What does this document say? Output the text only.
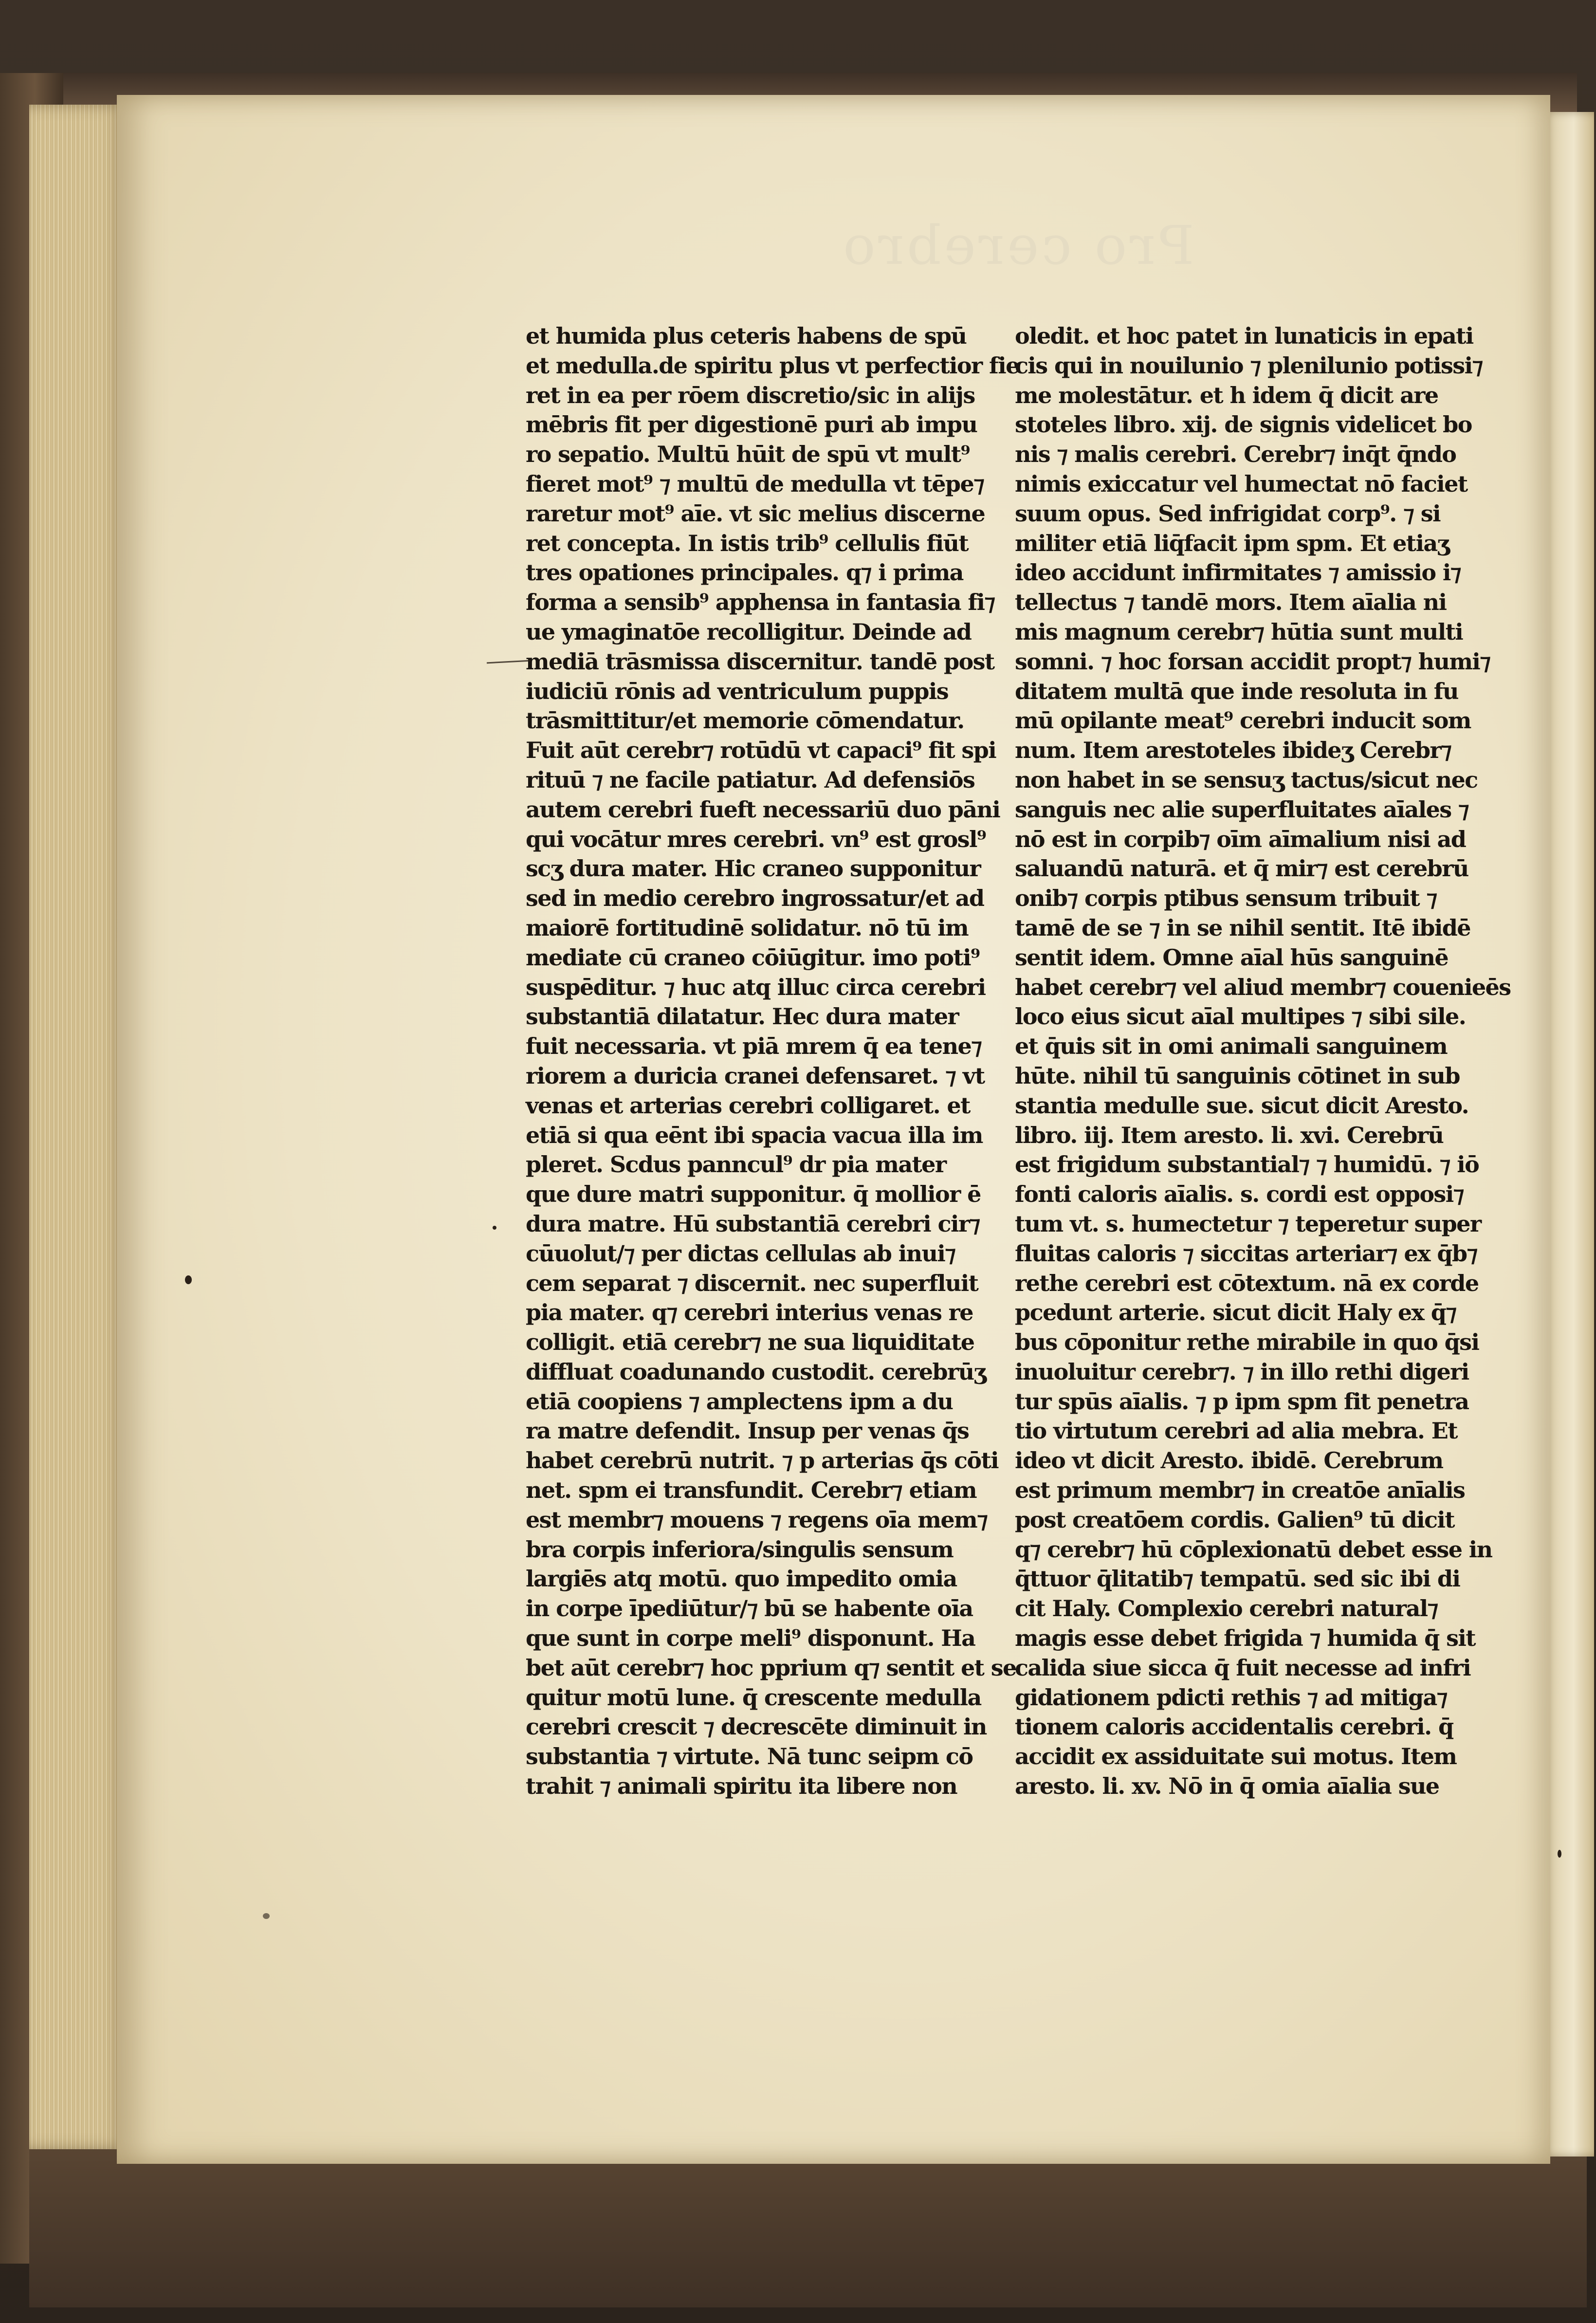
Pro cerebro
et humida plus ceteris habens de spū
et medulla.de spiritu plus vt perfectior fie
ret in ea per rōem discretio/sic in alijs
mēbris fit per digestionē puri ab impu
ro sepatio. Multū hūit de spū vt mult⁹
fieret mot⁹ ⁊ multū de medulla vt tēpe⁊
raretur mot⁹ aīe. vt sic melius discerne
ret concepta. In istis trib⁹ cellulis fiūt
tres opationes principales. q⁊ i prima
forma a sensib⁹ apphensa in fantasia fi⁊
ue ymaginatōe recolligitur. Deinde ad
mediā trāsmissa discernitur. tandē post
iudiciū rōnis ad ventriculum puppis
trāsmittitur/et memorie cōmendatur.
Fuit aūt cerebr⁊ rotūdū vt capaci⁹ fit spi
rituū ⁊ ne facile patiatur. Ad defensiōs
autem cerebri fueft necessariū duo pāni
qui vocātur mres cerebri. vn⁹ est grosl⁹
scʒ dura mater. Hic craneo supponitur
sed in medio cerebro ingrossatur/et ad
maiorē fortitudinē solidatur. nō tū im
mediate cū craneo cōiūgitur. imo poti⁹
suspēditur. ⁊ huc atq illuc circa cerebri
substantiā dilatatur. Hec dura mater
fuit necessaria. vt piā mrem q̄ ea tene⁊
riorem a duricia cranei defensaret. ⁊ vt
venas et arterias cerebri colligaret. et
etiā si qua eēnt ibi spacia vacua illa im
pleret. Scdus panncul⁹ dr pia mater
que dure matri supponitur. q̄ mollior ē
dura matre. Hū substantiā cerebri cir⁊
cūuolut/⁊ per dictas cellulas ab inui⁊
cem separat ⁊ discernit. nec superfluit
pia mater. q⁊ cerebri interius venas re
colligit. etiā cerebr⁊ ne sua liquiditate
diffluat coadunando custodit. cerebrūʒ
etiā coopiens ⁊ amplectens ipm a du
ra matre defendit. Insup per venas q̄s
habet cerebrū nutrit. ⁊ p arterias q̄s cōti
net. spm ei transfundit. Cerebr⁊ etiam
est membr⁊ mouens ⁊ regens oīa mem⁊
bra corpis inferiora/singulis sensum
largiēs atq motū. quo impedito omia
in corpe īpediūtur/⁊ bū se habente oīa
que sunt in corpe meli⁹ disponunt. Ha
bet aūt cerebr⁊ hoc pprium q⁊ sentit et se
quitur motū lune. q̄ crescente medulla
cerebri crescit ⁊ decrescēte diminuit in
substantia ⁊ virtute. Nā tunc seipm cō
trahit ⁊ animali spiritu ita libere non
oledit. et hoc patet in lunaticis in epati
cis qui in nouilunio ⁊ plenilunio potissi⁊
me molestātur. et h idem q̄ dicit are
stoteles libro. xij. de signis videlicet bo
nis ⁊ malis cerebri. Cerebr⁊ inq̄t q̄ndo
nimis exiccatur vel humectat nō faciet
suum opus. Sed infrigidat corp⁹. ⁊ si
militer etiā liq̄facit ipm spm. Et etiaʒ
ideo accidunt infirmitates ⁊ amissio i⁊
tellectus ⁊ tandē mors. Item aīalia ni
mis magnum cerebr⁊ hūtia sunt multi
somni. ⁊ hoc forsan accidit propt⁊ humi⁊
ditatem multā que inde resoluta in fu
mū opilante meat⁹ cerebri inducit som
num. Item arestoteles ibideʒ Cerebr⁊
non habet in se sensuʒ tactus/sicut nec
sanguis nec alie superfluitates aīales ⁊
nō est in corpib⁊ oīm aīmalium nisi ad
saluandū naturā. et q̄ mir⁊ est cerebrū
onib⁊ corpis ptibus sensum tribuit ⁊
tamē de se ⁊ in se nihil sentit. Itē ibidē
sentit idem. Omne aīal hūs sanguinē
habet cerebr⁊ vel aliud membr⁊ couenieēs
loco eius sicut aīal multipes ⁊ sibi sile.
et q̄uis sit in omi animali sanguinem
hūte. nihil tū sanguinis cōtinet in sub
stantia medulle sue. sicut dicit Aresto.
libro. iij. Item aresto. li. xvi. Cerebrū
est frigidum substantial⁊ ⁊ humidū. ⁊ iō
fonti caloris aīalis. s. cordi est opposi⁊
tum vt. s. humectetur ⁊ teperetur super
fluitas caloris ⁊ siccitas arteriar⁊ ex q̄b⁊
rethe cerebri est cōtextum. nā ex corde
pcedunt arterie. sicut dicit Haly ex q̄⁊
bus cōponitur rethe mirabile in quo q̄si
inuoluitur cerebr⁊. ⁊ in illo rethi digeri
tur spūs aīalis. ⁊ p ipm spm fit penetra
tio virtutum cerebri ad alia mebra. Et
ideo vt dicit Aresto. ibidē. Cerebrum
est primum membr⁊ in creatōe anīalis
post creatōem cordis. Galien⁹ tū dicit
q⁊ cerebr⁊ hū cōplexionatū debet esse in
q̄ttuor q̄litatib⁊ tempatū. sed sic ibi di
cit Haly. Complexio cerebri natural⁊
magis esse debet frigida ⁊ humida q̄ sit
calida siue sicca q̄ fuit necesse ad infri
gidationem pdicti rethis ⁊ ad mitiga⁊
tionem caloris accidentalis cerebri. q̄
accidit ex assiduitate sui motus. Item
aresto. li. xv. Nō in q̄ omia aīalia sue
